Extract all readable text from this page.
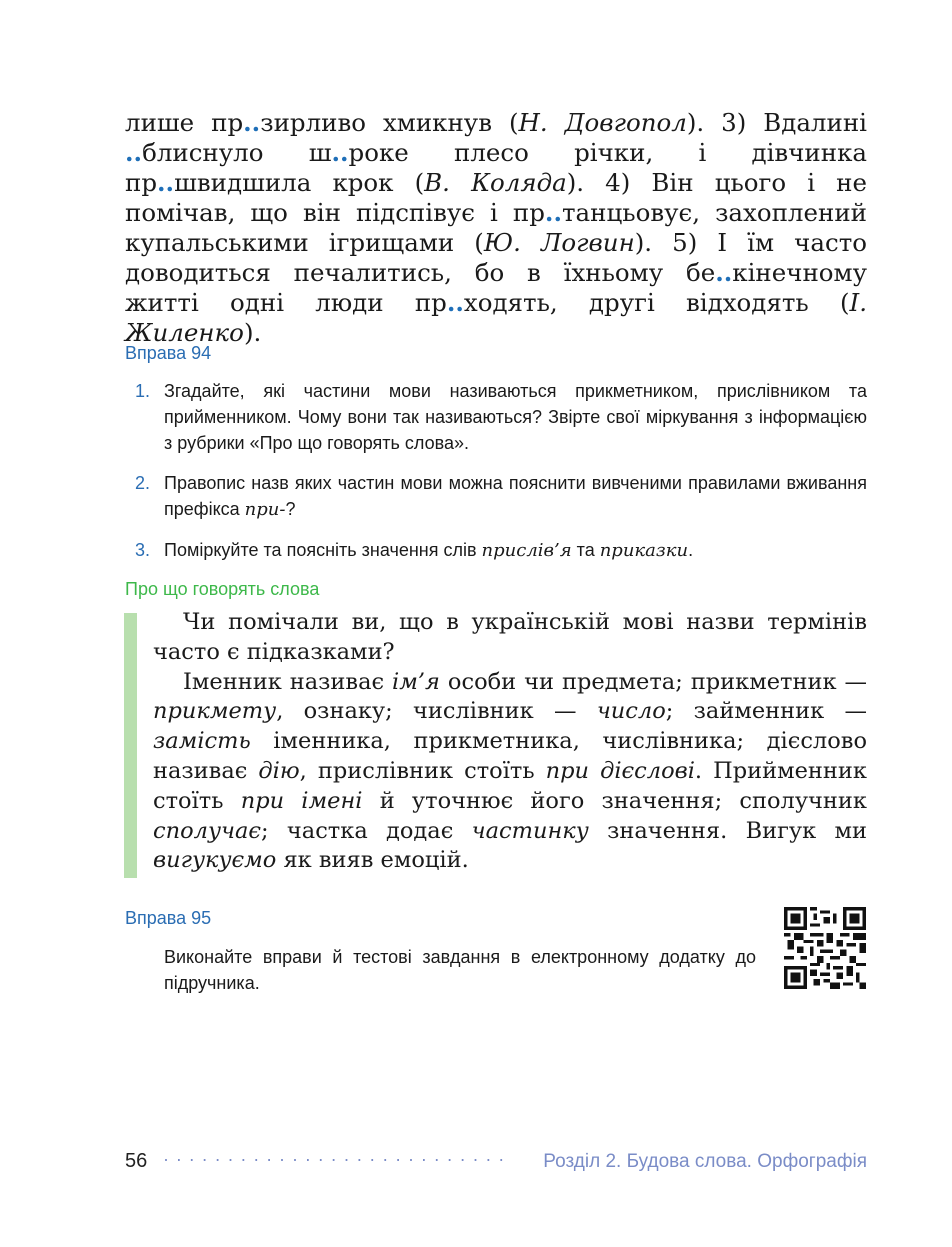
лише пр..зирливо хмикнув (Н. Довгопол). 3) Вдалині ..блиснуло ш..роке плесо річки, і дівчинка пр..швидшила крок (В. Коляда). 4) Він цього і не помічав, що він підспівує і пр..танцьовує, захоплений купальськими ігрищами (Ю. Логвин). 5) І їм часто доводиться печалитись, бо в їхньому бе..кінечному житті одні люди пр..ходять, другі відходять (І. Жиленко).
Вправа 94
1. Згадайте, які частини мови називаються прикметником, прислівником та прийменником. Чому вони так називаються? Звірте свої міркування з інформацією з рубрики «Про що говорять слова».
2. Правопис назв яких частин мови можна пояснити вивченими правилами вживання префікса при-?
3. Поміркуйте та поясніть значення слів прислів’я та приказки.
Про що говорять слова

Чи помічали ви, що в українській мові назви термінів часто є підказками?

Іменник називає ім’я особи чи предмета; прикметник — прикмету, ознаку; числівник — число; займенник — замість іменника, прикметника, числівника; дієслово називає дію, прислівник стоїть при дієслові. Прийменник стоїть при імені й уточнює його значення; сполучник сполучає; частка додає частинку значення. Вигук ми вигукуємо як вияв емоцій.

Вправа 95
Виконайте вправи й тестові завдання в електронному додатку до підручника.
56 ···························	Розділ 2. Будова слова. Орфографія
